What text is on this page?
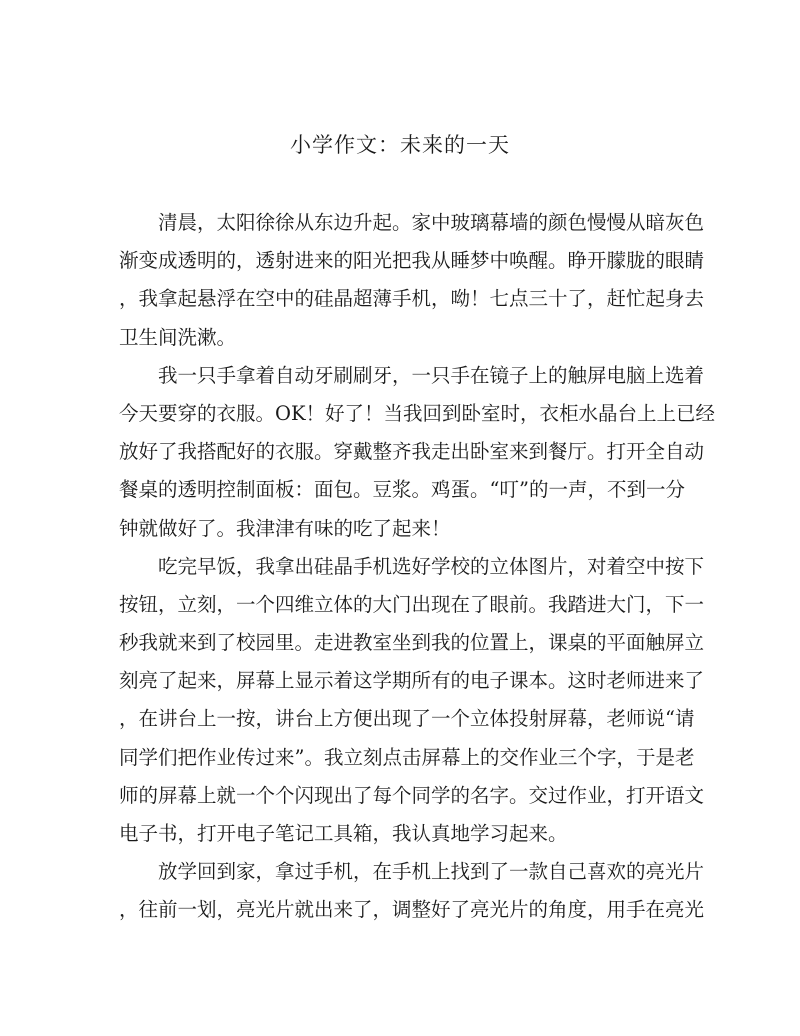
小学作文：未来的一天

　　清晨，太阳徐徐从东边升起。家中玻璃幕墙的颜色慢慢从暗灰色
渐变成透明的，透射进来的阳光把我从睡梦中唤醒。睁开朦胧的眼睛
，我拿起悬浮在空中的硅晶超薄手机，呦！七点三十了，赶忙起身去
卫生间洗漱。

　　我一只手拿着自动牙刷刷牙，一只手在镜子上的触屏电脑上选着
今天要穿的衣服。OK！好了！当我回到卧室时，衣柜水晶台上上已经
放好了我搭配好的衣服。穿戴整齐我走出卧室来到餐厅。打开全自动
餐桌的透明控制面板：面包。豆浆。鸡蛋。“叮”的一声，不到一分
钟就做好了。我津津有味的吃了起来！

　　吃完早饭，我拿出硅晶手机选好学校的立体图片，对着空中按下
按钮，立刻，一个四维立体的大门出现在了眼前。我踏进大门，下一
秒我就来到了校园里。走进教室坐到我的位置上，课桌的平面触屏立
刻亮了起来，屏幕上显示着这学期所有的电子课本。这时老师进来了
，在讲台上一按，讲台上方便出现了一个立体投射屏幕，老师说“请
同学们把作业传过来”。我立刻点击屏幕上的交作业三个字，于是老
师的屏幕上就一个个闪现出了每个同学的名字。交过作业，打开语文
电子书，打开电子笔记工具箱，我认真地学习起来。

　　放学回到家，拿过手机，在手机上找到了一款自己喜欢的亮光片
，往前一划，亮光片就出来了，调整好了亮光片的角度，用手在亮光
